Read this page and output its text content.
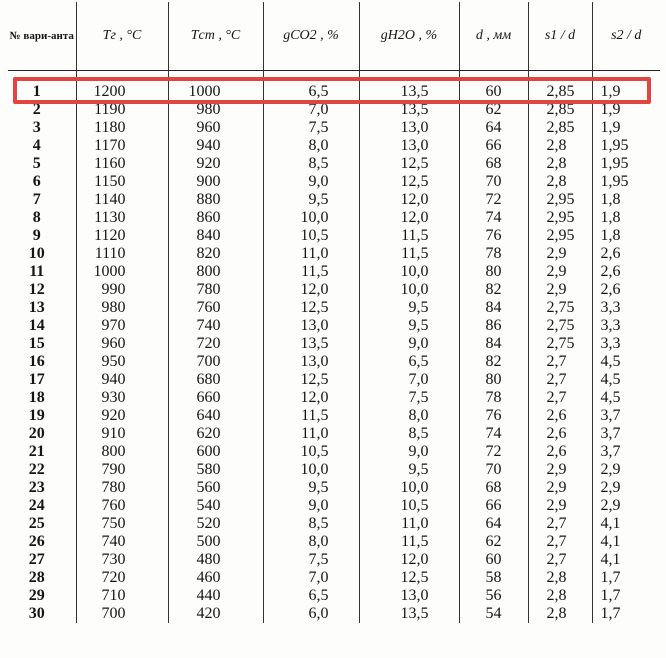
№ вари-анта	Tг , °C	Tст , °C	gCO2 , %	gH2O , %	d , мм	s1 / d	s2 / d
1	1200	1000	6,5	13,5	60	2,85	1,9
2	1190	980	7,0	13,5	62	2,85	1,9
3	1180	960	7,5	13,0	64	2,85	1,9
4	1170	940	8,0	13,0	66	2,8	1,95
5	1160	920	8,5	12,5	68	2,8	1,95
6	1150	900	9,0	12,5	70	2,8	1,95
7	1140	880	9,5	12,0	72	2,95	1,8
8	1130	860	10,0	12,0	74	2,95	1,8
9	1120	840	10,5	11,5	76	2,95	1,8
10	1110	820	11,0	11,5	78	2,9	2,6
11	1000	800	11,5	10,0	80	2,9	2,6
12	990	780	12,0	10,0	82	2,9	2,6
13	980	760	12,5	9,5	84	2,75	3,3
14	970	740	13,0	9,5	86	2,75	3,3
15	960	720	13,5	9,0	84	2,75	3,3
16	950	700	13,0	6,5	82	2,7	4,5
17	940	680	12,5	7,0	80	2,7	4,5
18	930	660	12,0	7,5	78	2,7	4,5
19	920	640	11,5	8,0	76	2,6	3,7
20	910	620	11,0	8,5	74	2,6	3,7
21	800	600	10,5	9,0	72	2,6	3,7
22	790	580	10,0	9,5	70	2,9	2,9
23	780	560	9,5	10,0	68	2,9	2,9
24	760	540	9,0	10,5	66	2,9	2,9
25	750	520	8,5	11,0	64	2,7	4,1
26	740	500	8,0	11,5	62	2,7	4,1
27	730	480	7,5	12,0	60	2,7	4,1
28	720	460	7,0	12,5	58	2,8	1,7
29	710	440	6,5	13,0	56	2,8	1,7
30	700	420	6,0	13,5	54	2,8	1,7
